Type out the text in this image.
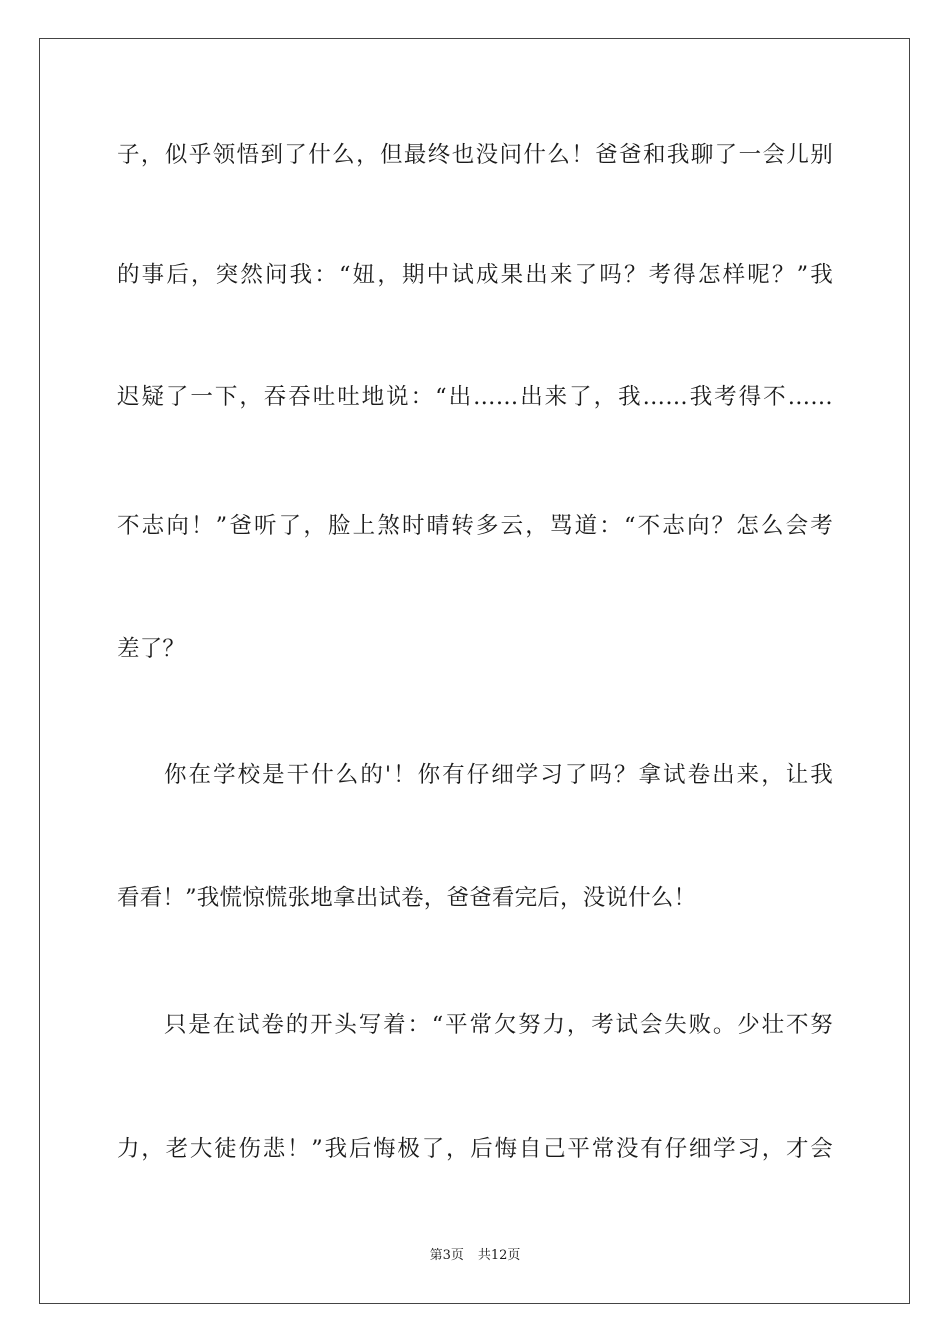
子，似乎领悟到了什么，但最终也没问什么！爸爸和我聊了一会儿别
的事后，突然问我：“妞，期中试成果出来了吗？考得怎样呢？”我
迟疑了一下，吞吞吐吐地说：“出……出来了，我……我考得不……
不志向！”爸听了，脸上煞时晴转多云，骂道：“不志向？怎么会考
差了？
你在学校是干什么的'！你有仔细学习了吗？拿试卷出来，让我
看看！”我慌惊慌张地拿出试卷，爸爸看完后，没说什么！
只是在试卷的开头写着：“平常欠努力，考试会失败。少壮不努
力，老大徒伤悲！”我后悔极了，后悔自己平常没有仔细学习，才会
第3页 共12页
